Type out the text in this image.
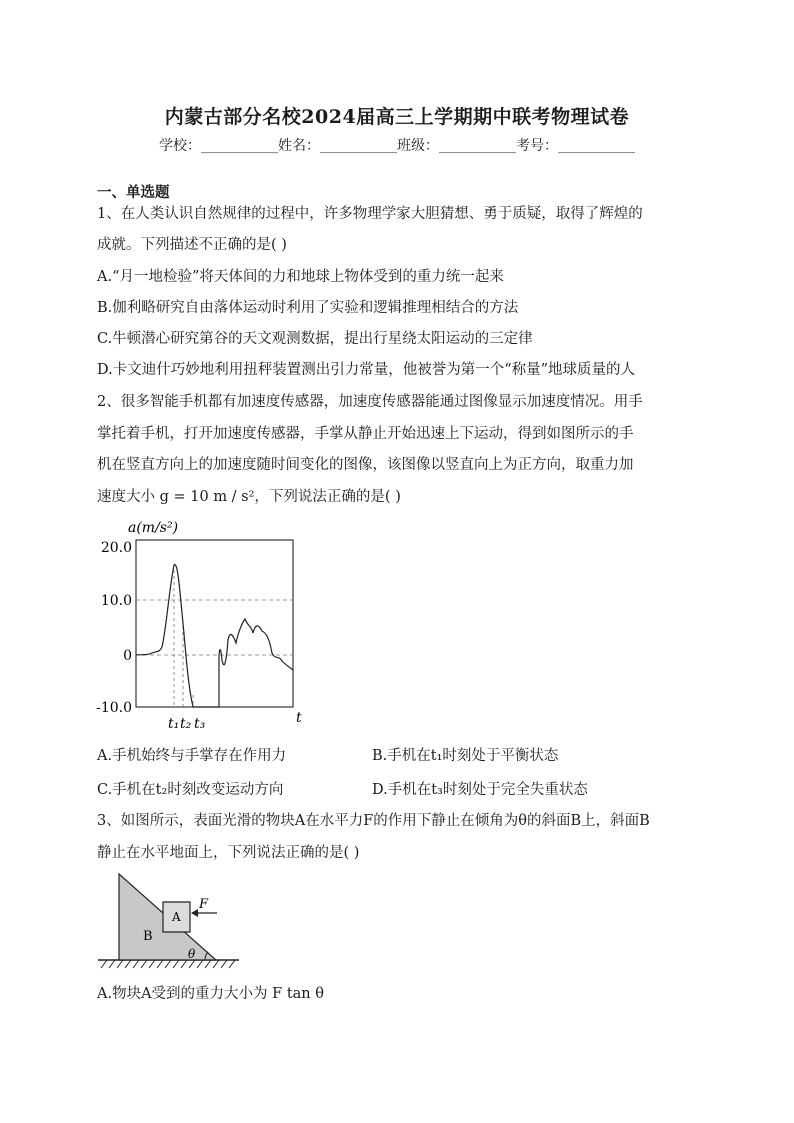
内蒙古部分名校2024届高三上学期期中联考物理试卷
学校：___________姓名：___________班级：___________考号：___________
一、单选题
1、在人类认识自然规律的过程中，许多物理学家大胆猜想、勇于质疑，取得了辉煌的
成就。下列描述不正确的是( )
A.“月一地检验”将天体间的力和地球上物体受到的重力统一起来
B.伽利略研究自由落体运动时利用了实验和逻辑推理相结合的方法
C.牛顿潜心研究第谷的天文观测数据，提出行星绕太阳运动的三定律
D.卡文迪什巧妙地利用扭秤装置测出引力常量，他被誉为第一个“称量”地球质量的人
2、很多智能手机都有加速度传感器，加速度传感器能通过图像显示加速度情况。用手
掌托着手机，打开加速度传感器，手掌从静止开始迅速上下运动，得到如图所示的手
机在竖直方向上的加速度随时间变化的图像，该图像以竖直向上为正方向，取重力加
速度大小 g = 10 m / s²，下列说法正确的是( )
a(m/s²)
20.0
10.0
0
-10.0
t₁ t₂ t₃	t
A.手机始终与手掌存在作用力	B.手机在t₁时刻处于平衡状态
C.手机在t₂时刻改变运动方向	D.手机在t₃时刻处于完全失重状态
3、如图所示，表面光滑的物块A在水平力F的作用下静止在倾角为θ的斜面B上，斜面B
静止在水平地面上，下列说法正确的是( )
B
A
F
θ
A.物块A受到的重力大小为 F tan θ
